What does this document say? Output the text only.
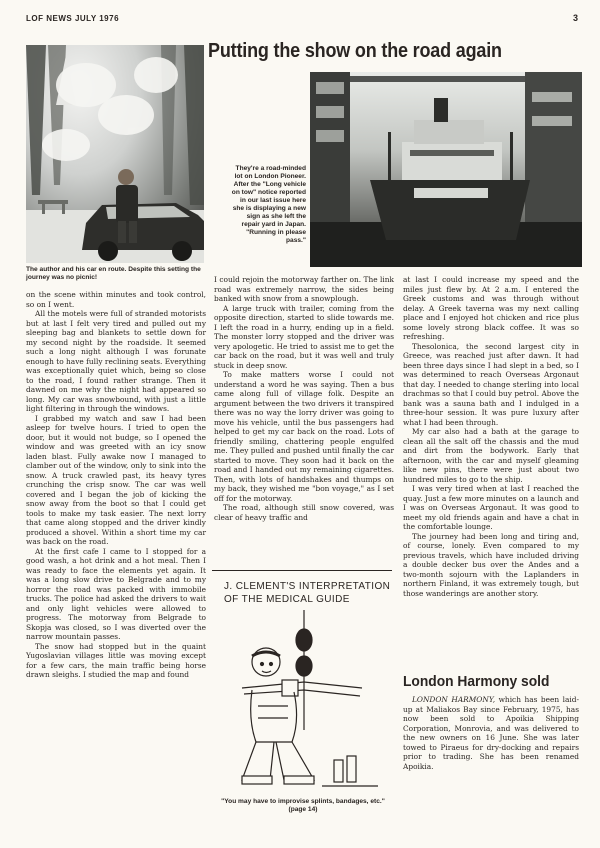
LOF NEWS JULY 1976	3
Putting the show on the road again
The author and his car en route. Despite this setting the journey was no picnic!
They're a road-minded lot on London Pioneer. After the "Long vehicle on tow" notice reported in our last issue here she is displaying a new sign as she left the repair yard in Japan. "Running in please pass."

on the scene within minutes and took control, so on I went.

All the motels were full of stranded motorists but at last I felt very tired and pulled out my sleeping bag and blankets to settle down for my second night by the roadside. It seemed such a long night although I was forunate enough to have fully reclining seats. Everything was exceptionally quiet which, being so close to the road, I found rather strange. Then it dawned on me why the night had appeared so long. My car was snowbound, with just a little light filtering in through the windows.

I grabbed my watch and saw I had been asleep for twelve hours. I tried to open the door, but it would not budge, so I opened the window and was greeted with an icy snow laden blast. Fully awake now I managed to clamber out of the window, only to sink into the snow. A truck crawled past, its heavy tyres crunching the crisp snow. The car was well covered and I began the job of kicking the snow away from the boot so that I could get tools to make my task easier. The next lorry that came along stopped and the driver kindly produced a shovel. Within a short time my car was back on the road.

At the first cafe I came to I stopped for a good wash, a hot drink and a hot meal. Then I was ready to face the elements yet again. It was a long slow drive to Belgrade and to my horror the road was packed with immobile trucks. The police had asked the drivers to wait and only light vehicles were allowed to progress. The motorway from Belgrade to Skopja was closed, so I was diverted over the narrow mountain passes.

The snow had stopped but in the quaint Yugoslavian villages little was moving except for a few cars, the main traffic being horse drawn sleighs. I studied the map and found

I could rejoin the motorway farther on. The link road was extremely narrow, the sides being banked with snow from a snowplough.

A large truck with trailer, coming from the opposite direction, started to slide towards me. I left the road in a hurry, ending up in a field. The monster lorry stopped and the driver was very apologetic. He tried to assist me to get the car back on the road, but it was well and truly stuck in deep snow.

To make matters worse I could not understand a word he was saying. Then a bus came along full of village folk. Despite an argument between the two drivers it transpired there was no way the lorry driver was going to move his vehicle, until the bus passengers had helped to get my car back on the road. Lots of friendly smiling, chattering people engulfed me. They pulled and pushed until finally the car started to move. They soon had it back on the road and I handed out my remaining cigarettes. Then, with lots of handshakes and thumps on my back, they wished me "bon voyage," as I set off for the motorway.

The road, although still snow covered, was clear of heavy traffic and

J. CLEMENT'S INTERPRETATION
OF THE MEDICAL GUIDE
"You may have to improvise splints, bandages, etc." (page 14)

at last I could increase my speed and the miles just flew by. At 2 a.m. I entered the Greek customs and was through without delay. A Greek taverna was my next calling place and I enjoyed hot chicken and rice plus some lovely strong black coffee. It was so refreshing.

Thesolonica, the second largest city in Greece, was reached just after dawn. It had been three days since I had slept in a bed, so I was determined to reach Overseas Argonaut that day. I needed to change sterling into local drachmas so that I could buy petrol. Above the bank was a sauna bath and I indulged in a three-hour session. It was pure luxury after what I had been through.

My car also had a bath at the garage to clean all the salt off the chassis and the mud and dirt from the bodywork. Early that afternoon, with the car and myself gleaming like new pins, there were just about two hundred miles to go to the ship.

I was very tired when at last I reached the quay. Just a few more minutes on a launch and I was on Overseas Argonaut. It was good to meet my old friends again and have a chat in the comfortable lounge.

The journey had been long and tiring and, of course, lonely. Even compared to my previous travels, which have included driving a double decker bus over the Andes and a two-month sojourn with the Laplanders in northern Finland, it was extremely tough, but those wanderings are another story.

London Harmony sold

LONDON HARMONY, which has been laid-up at Maliakos Bay since February, 1975, has now been sold to Apoikia Shipping Corporation, Monrovia, and was delivered to the new owners on 16 June. She was later towed to Piraeus for dry-docking and repairs prior to trading. She has been renamed Apoikia.
